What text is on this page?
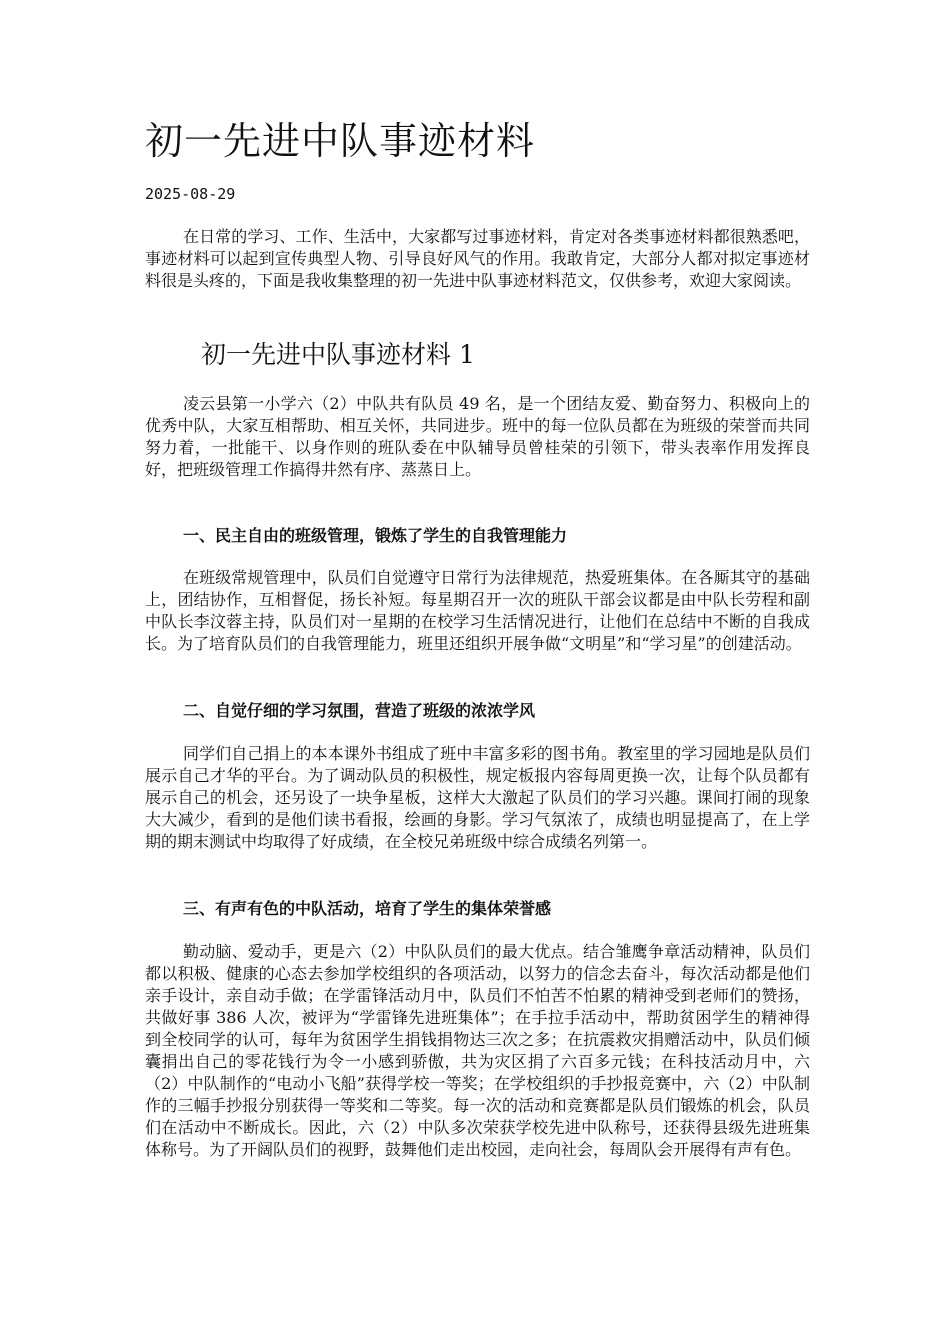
初一先进中队事迹材料
2025-08-29

在日常的学习、工作、生活中，大家都写过事迹材料，肯定对各类事迹材料都很熟悉吧，事迹材料可以起到宣传典型人物、引导良好风气的作用。我敢肯定，大部分人都对拟定事迹材料很是头疼的，下面是我收集整理的初一先进中队事迹材料范文，仅供参考，欢迎大家阅读。

初一先进中队事迹材料 1

凌云县第一小学六（2）中队共有队员 49 名，是一个团结友爱、勤奋努力、积极向上的优秀中队，大家互相帮助、相互关怀，共同进步。班中的每一位队员都在为班级的荣誉而共同努力着，一批能干、以身作则的班队委在中队辅导员曾桂荣的引领下，带头表率作用发挥良好，把班级管理工作搞得井然有序、蒸蒸日上。

一、民主自由的班级管理，锻炼了学生的自我管理能力

在班级常规管理中，队员们自觉遵守日常行为法律规范，热爱班集体。在各厮其守的基础上，团结协作，互相督促，扬长补短。每星期召开一次的班队干部会议都是由中队长劳程和副中队长李汶蓉主持，队员们对一星期的在校学习生活情况进行，让他们在总结中不断的自我成长。为了培育队员们的自我管理能力，班里还组织开展争做“文明星”和“学习星”的创建活动。

二、自觉仔细的学习氛围，营造了班级的浓浓学风

同学们自己捐上的本本课外书组成了班中丰富多彩的图书角。教室里的学习园地是队员们展示自己才华的平台。为了调动队员的积极性，规定板报内容每周更换一次，让每个队员都有展示自己的机会，还另设了一块争星板，这样大大激起了队员们的学习兴趣。课间打闹的现象大大减少，看到的是他们读书看报，绘画的身影。学习气氛浓了，成绩也明显提高了，在上学期的期末测试中均取得了好成绩，在全校兄弟班级中综合成绩名列第一。

三、有声有色的中队活动，培育了学生的集体荣誉感

勤动脑、爱动手，更是六（2）中队队员们的最大优点。结合雏鹰争章活动精神，队员们都以积极、健康的心态去参加学校组织的各项活动，以努力的信念去奋斗，每次活动都是他们亲手设计，亲自动手做；在学雷锋活动月中，队员们不怕苦不怕累的精神受到老师们的赞扬，共做好事 386 人次，被评为“学雷锋先进班集体”；在手拉手活动中，帮助贫困学生的精神得到全校同学的认可，每年为贫困学生捐钱捐物达三次之多；在抗震救灾捐赠活动中，队员们倾囊捐出自己的零花钱行为令一小感到骄傲，共为灾区捐了六百多元钱；在科技活动月中，六（2）中队制作的“电动小飞船”获得学校一等奖；在学校组织的手抄报竞赛中，六（2）中队制作的三幅手抄报分别获得一等奖和二等奖。每一次的活动和竞赛都是队员们锻炼的机会，队员们在活动中不断成长。因此，六（2）中队多次荣获学校先进中队称号，还获得县级先进班集体称号。为了开阔队员们的视野，鼓舞他们走出校园，走向社会，每周队会开展得有声有色。
